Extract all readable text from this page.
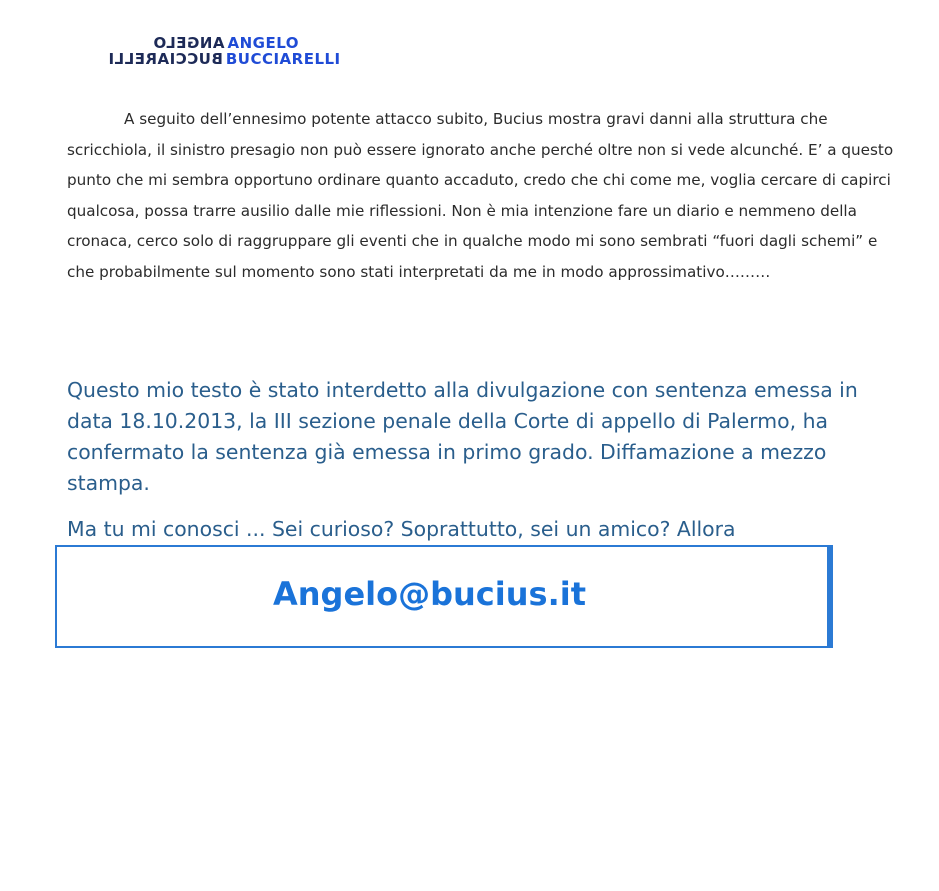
ANGELO ANGELO
BUCCIARELLI BUCCIARELLI

A seguito dell’ennesimo potente attacco subito, Bucius mostra gravi danni alla struttura che scricchiola, il sinistro presagio non può essere ignorato anche perché oltre non si vede alcunché. E’ a questo punto che mi sembra opportuno ordinare quanto accaduto, credo che chi come me, voglia cercare di capirci qualcosa, possa trarre ausilio dalle mie riflessioni. Non è mia intenzione fare un diario e nemmeno della cronaca, cerco solo di raggruppare gli eventi che in qualche modo mi sono sembrati “fuori dagli schemi” e che probabilmente sul momento sono stati interpretati da me in modo approssimativo………

Questo mio testo è stato interdetto alla divulgazione con sentenza emessa in data 18.10.2013, la III sezione penale della Corte di appello di Palermo, ha confermato la sentenza già emessa in primo grado. Diffamazione a mezzo stampa.

Ma tu mi conosci ... Sei curioso? Soprattutto, sei un amico? Allora

Angelo@bucius.it
